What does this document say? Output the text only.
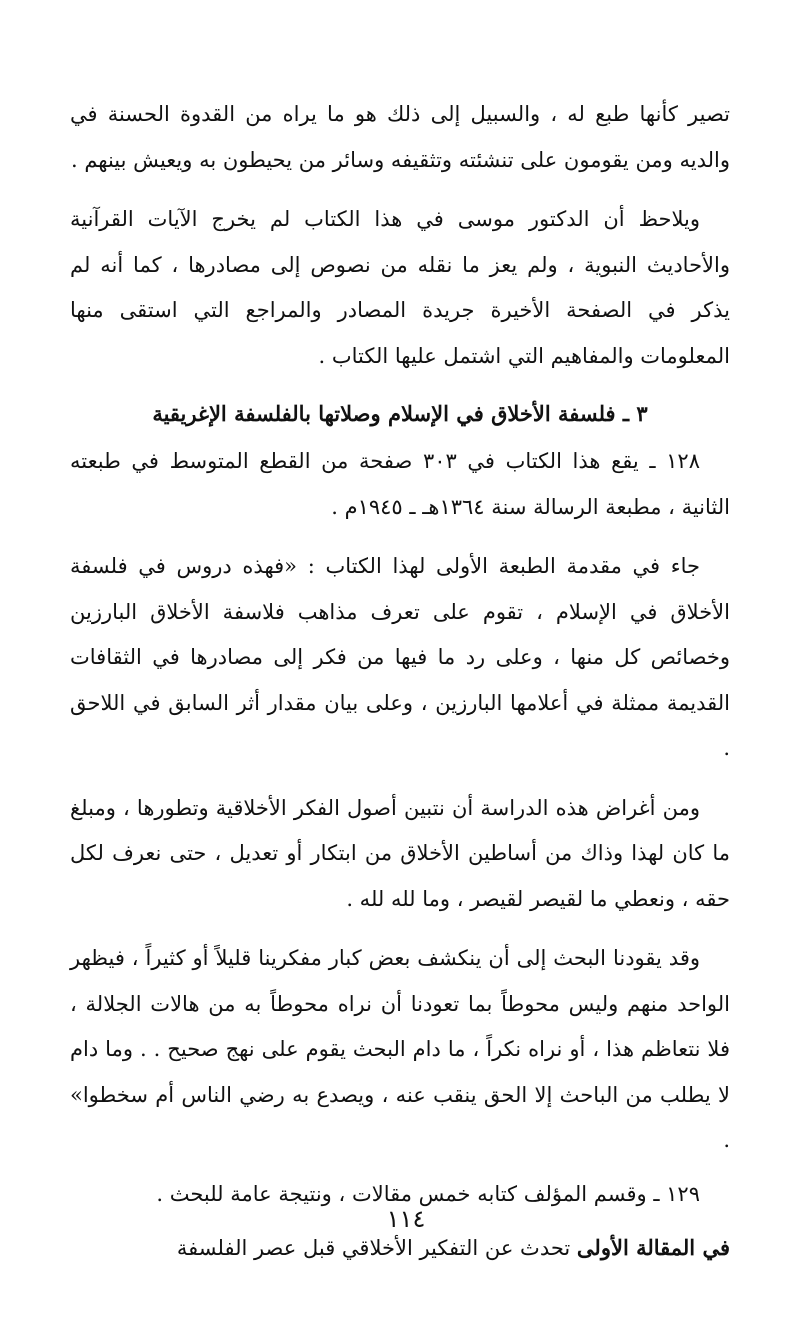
تصير كأنها طبع له ، والسبيل إلى ذلك هو ما يراه من القدوة الحسنة في والديه ومن يقومون على تنشئته وتثقيفه وسائر من يحيطون به ويعيش بينهم .

ويلاحظ أن الدكتور موسى في هذا الكتاب لم يخرج الآيات القرآنية والأحاديث النبوية ، ولم يعز ما نقله من نصوص إلى مصادرها ، كما أنه لم يذكر في الصفحة الأخيرة جريدة المصادر والمراجع التي استقى منها المعلومات والمفاهيم التي اشتمل عليها الكتاب .

٣ ـ فلسفة الأخلاق في الإسلام وصلاتها بالفلسفة الإغريقية

١٢٨ ـ يقع هذا الكتاب في ٣٠٣ صفحة من القطع المتوسط في طبعته الثانية ، مطبعة الرسالة سنة ١٣٦٤هـ ـ ١٩٤٥م .

جاء في مقدمة الطبعة الأولى لهذا الكتاب : «فهذه دروس في فلسفة الأخلاق في الإسلام ، تقوم على تعرف مذاهب فلاسفة الأخلاق البارزين وخصائص كل منها ، وعلى رد ما فيها من فكر إلى مصادرها في الثقافات القديمة ممثلة في أعلامها البارزين ، وعلى بيان مقدار أثر السابق في اللاحق .

ومن أغراض هذه الدراسة أن نتبين أصول الفكر الأخلاقية وتطورها ، ومبلغ ما كان لهذا وذاك من أساطين الأخلاق من ابتكار أو تعديل ، حتى نعرف لكل حقه ، ونعطي ما لقيصر لقيصر ، وما لله لله .

وقد يقودنا البحث إلى أن ينكشف بعض كبار مفكرينا قليلاً أو كثيراً ، فيظهر الواحد منهم وليس محوطاً بما تعودنا أن نراه محوطاً به من هالات الجلالة ، فلا نتعاظم هذا ، أو نراه نكراً ، ما دام البحث يقوم على نهج صحيح . . وما دام لا يطلب من الباحث إلا الحق ينقب عنه ، ويصدع به رضي الناس أم سخطوا» .

١٢٩ ـ وقسم المؤلف كتابه خمس مقالات ، ونتيجة عامة للبحث .

في المقالة الأولى تحدث عن التفكير الأخلاقي قبل عصر الفلسفة

١١٤
